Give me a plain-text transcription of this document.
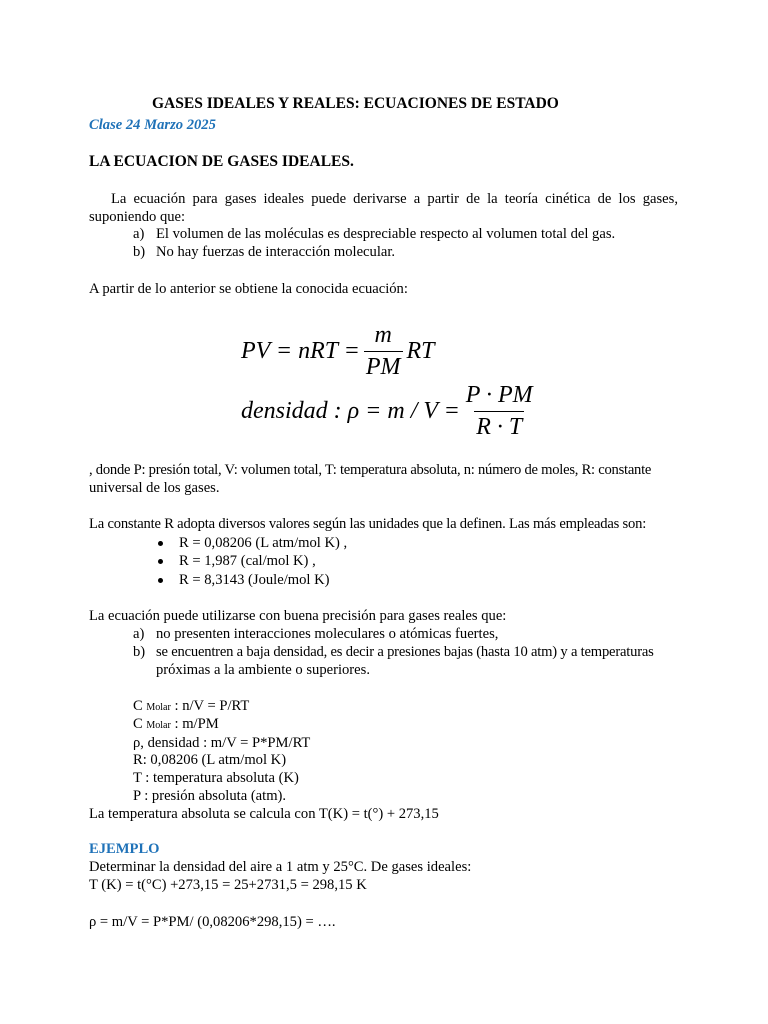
GASES IDEALES Y REALES: ECUACIONES DE ESTADO
Clase 24 Marzo 2025
LA ECUACION DE GASES IDEALES.
La ecuación para gases ideales puede derivarse a partir de la teoría cinética de los gases,
suponiendo que:
a) El volumen de las moléculas es despreciable respecto al volumen total del gas.
b) No hay fuerzas de interacción molecular.
A partir de lo anterior se obtiene la conocida ecuación:
PV = nRT = $\frac{m}{PM}$ RT
densidad : $\rho = m / V = \frac{P \cdot PM}{R \cdot T}$
, donde P: presión total, V: volumen total, T: temperatura absoluta, n: número de moles, R: constante
universal de los gases.
La constante R adopta diversos valores según las unidades que la definen. Las más empleadas son:
R = 0,08206 (L atm/mol K) ,
R = 1,987 (cal/mol K) ,
R = 8,3143 (Joule/mol K)
La ecuación puede utilizarse con buena precisión para gases reales que:
a) no presenten interacciones moleculares o atómicas fuertes,
b) se encuentren a baja densidad, es decir a presiones bajas (hasta 10 atm) y a temperaturas
próximas a la ambiente o superiores.
C Molar : n/V = P/RT
C Molar : m/PM
ρ, densidad : m/V = P*PM/RT
R: 0,08206 (L atm/mol K)
T : temperatura absoluta (K)
P : presión absoluta (atm).
La temperatura absoluta se calcula con T(K) = t(°) + 273,15
EJEMPLO
Determinar la densidad del aire a 1 atm y 25°C. De gases ideales:
T (K) = t(°C) +273,15 = 25+2731,5 = 298,15 K
ρ = m/V = P*PM/ (0,08206*298,15) = ….
